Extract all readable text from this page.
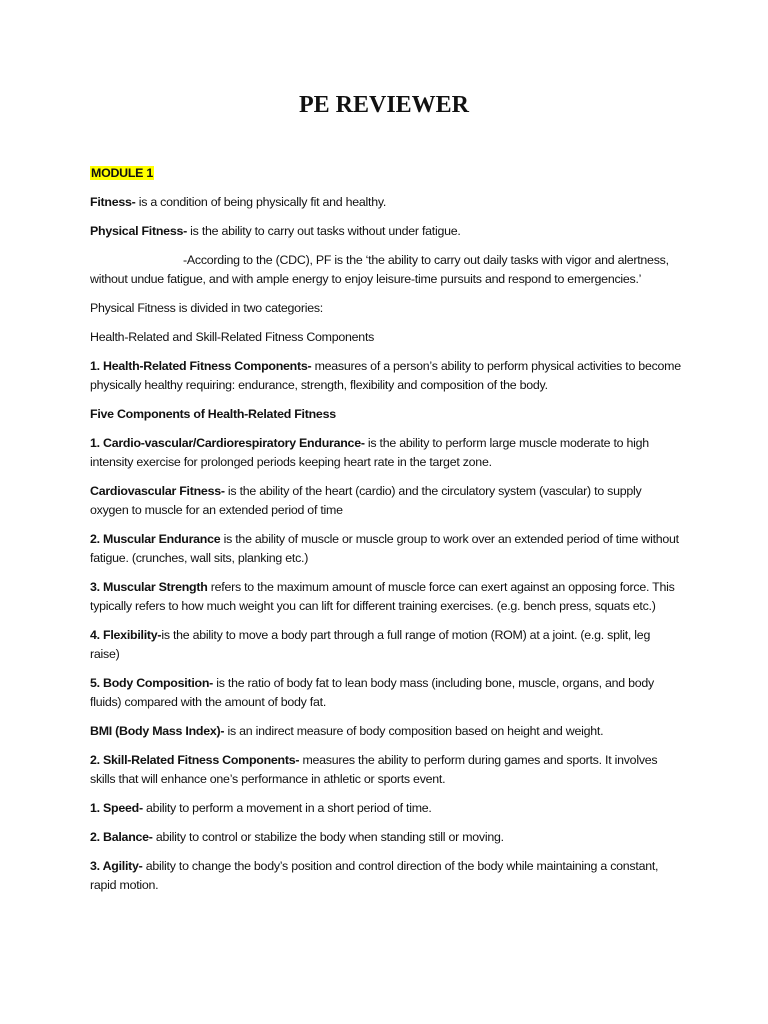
PE REVIEWER
MODULE 1

Fitness- is a condition of being physically fit and healthy.

Physical Fitness- is the ability to carry out tasks without under fatigue.

-According to the (CDC), PF is the ‘the ability to carry out daily tasks with vigor and alertness, without undue fatigue, and with ample energy to enjoy leisure-time pursuits and respond to emergencies.’

Physical Fitness is divided in two categories:

Health-Related and Skill-Related Fitness Components

1. Health-Related Fitness Components- measures of a person’s ability to perform physical activities to become physically healthy requiring: endurance, strength, flexibility and composition of the body.

Five Components of Health-Related Fitness

1. Cardio-vascular/Cardiorespiratory Endurance- is the ability to perform large muscle moderate to high intensity exercise for prolonged periods keeping heart rate in the target zone.

Cardiovascular Fitness- is the ability of the heart (cardio) and the circulatory system (vascular) to supply oxygen to muscle for an extended period of time

2. Muscular Endurance is the ability of muscle or muscle group to work over an extended period of time without fatigue. (crunches, wall sits, planking etc.)

3. Muscular Strength refers to the maximum amount of muscle force can exert against an opposing force. This typically refers to how much weight you can lift for different training exercises. (e.g. bench press, squats etc.)

4. Flexibility-is the ability to move a body part through a full range of motion (ROM) at a joint. (e.g. split, leg raise)

5. Body Composition- is the ratio of body fat to lean body mass (including bone, muscle, organs, and body fluids) compared with the amount of body fat.

BMI (Body Mass Index)- is an indirect measure of body composition based on height and weight.

2. Skill-Related Fitness Components- measures the ability to perform during games and sports. It involves skills that will enhance one’s performance in athletic or sports event.

1. Speed- ability to perform a movement in a short period of time.

2. Balance- ability to control or stabilize the body when standing still or moving.

3. Agility- ability to change the body’s position and control direction of the body while maintaining a constant, rapid motion.
